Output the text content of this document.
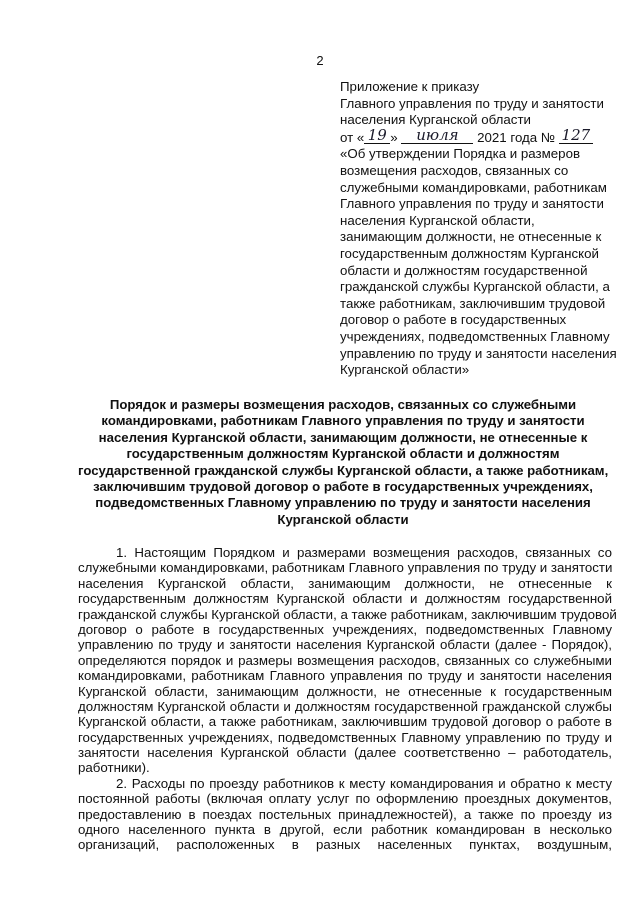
2
Приложение к приказу
Главного управления по труду и занятости
населения Курганской области
от « 19 » июля 2021 года № 127
«Об утверждении Порядка и размеров
возмещения расходов, связанных со
служебными командировками, работникам
Главного управления по труду и занятости
населения Курганской области,
занимающим должности, не отнесенные к
государственным должностям Курганской
области и должностям государственной
гражданской службы Курганской области, а
также работникам, заключившим трудовой
договор о работе в государственных
учреждениях, подведомственных Главному
управлению по труду и занятости населения
Курганской области»
Порядок и размеры возмещения расходов, связанных со служебными
командировками, работникам Главного управления по труду и занятости
населения Курганской области, занимающим должности, не отнесенные к
государственным должностям Курганской области и должностям
государственной гражданской службы Курганской области, а также работникам,
заключившим трудовой договор о работе в государственных учреждениях,
подведомственных Главному управлению по труду и занятости населения
Курганской области
1. Настоящим Порядком и размерами возмещения расходов, связанных со
служебными командировками, работникам Главного управления по труду и занятости
населения Курганской области, занимающим должности, не отнесенные к
государственным должностям Курганской области и должностям государственной
гражданской службы Курганской области, а также работникам, заключившим трудовой
договор о работе в государственных учреждениях, подведомственных Главному
управлению по труду и занятости населения Курганской области (далее - Порядок),
определяются порядок и размеры возмещения расходов, связанных со служебными
командировками, работникам Главного управления по труду и занятости населения
Курганской области, занимающим должности, не отнесенные к государственным
должностям Курганской области и должностям государственной гражданской службы
Курганской области, а также работникам, заключившим трудовой договор о работе в
государственных учреждениях, подведомственных Главному управлению по труду и
занятости населения Курганской области (далее соответственно – работодатель,
работники).
2. Расходы по проезду работников к месту командирования и обратно к месту
постоянной работы (включая оплату услуг по оформлению проездных документов,
предоставлению в поездах постельных принадлежностей), а также по проезду из
одного населенного пункта в другой, если работник командирован в несколько
организаций, расположенных в разных населенных пунктах, воздушным,
